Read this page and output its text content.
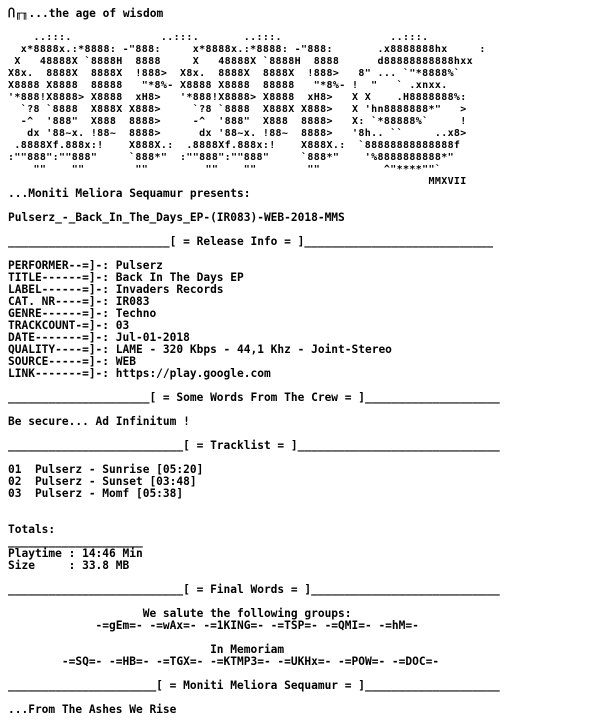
Ⴖ╓╖...the age of wisdom
..:::.              ..:::.       ..:::.                 ..:::.
x*8888x.:*8888: -"888:     x*8888x.:*8888: -"888:       .x8888888hx     :
X   48888X `8888H  8888     X   48888X `8888H  8888      d88888888888hxx
X8x.  8888X  8888X  !888>  X8x.  8888X  8888X  !888>   8" ... `"*8888%`
X8888 X8888  88888   "*8%- X8888 X8888  88888   "*8%- !  "   ` .xnxx.
'*888!X8888> X8888  xH8>   '*888!X8888> X8888  xH8>   X X    .H8888888%:
`?8 `8888  X888X X888>     `?8 `8888  X888X X888>   X 'hn8888888*"   >
-^  '888"  X888  8888>     -^  '888"  X888  8888>   X: `*88888%`     !
dx '88~x. !88~  8888>      dx '88~x. !88~  8888>   '8h.. ``     ..x8>
.8888Xf.888x:!    X888X.:  .8888Xf.888x:!    X888X.:  `88888888888888f
:""888":""888"     `888*"  :""888":""888"     `888*"    '%8888888888*"
""    ""        ""         ""    ""        ""          ^"****""`
MMXVII
...Moniti Meliora Sequamur presents:
Pulserz_-_Back_In_The_Days_EP-(IR083)-WEB-2018-MMS
________________________[ = Release Info = ]____________________________
PERFORMER--=]-: Pulserz
TITLE------=]-: Back In The Days EP
LABEL------=]-: Invaders Records
CAT. NR----=]-: IR083
GENRE------=]-: Techno
TRACKCOUNT-=]-: 03
DATE-------=]-: Jul-01-2018
QUALITY----=]-: LAME - 320 Kbps - 44,1 Khz - Joint-Stereo
SOURCE-----=]-: WEB
LINK-------=]-: https://play.google.com
_____________________[ = Some Words From The Crew = ]____________________
Be secure... Ad Infinitum !
__________________________[ = Tracklist = ]______________________________
01  Pulserz - Sunrise [05:20]
02  Pulserz - Sunset [03:48]
03  Pulserz - Momf [05:38]
Totals:
____________________
Playtime : 14:46 Min
Size     : 33.8 MB
__________________________[ = Final Words = ]____________________________
We salute the following groups:
-=gEm=- -=wAx=- -=1KING=- -=TSP=- -=QMI=- -=hM=-
In Memoriam
-=SQ=- -=HB=- -=TGX=- -=KTMP3=- -=UKHx=- -=POW=- -=DOC=-
______________________[ = Moniti Meliora Sequamur = ]____________________
...From The Ashes We Rise
